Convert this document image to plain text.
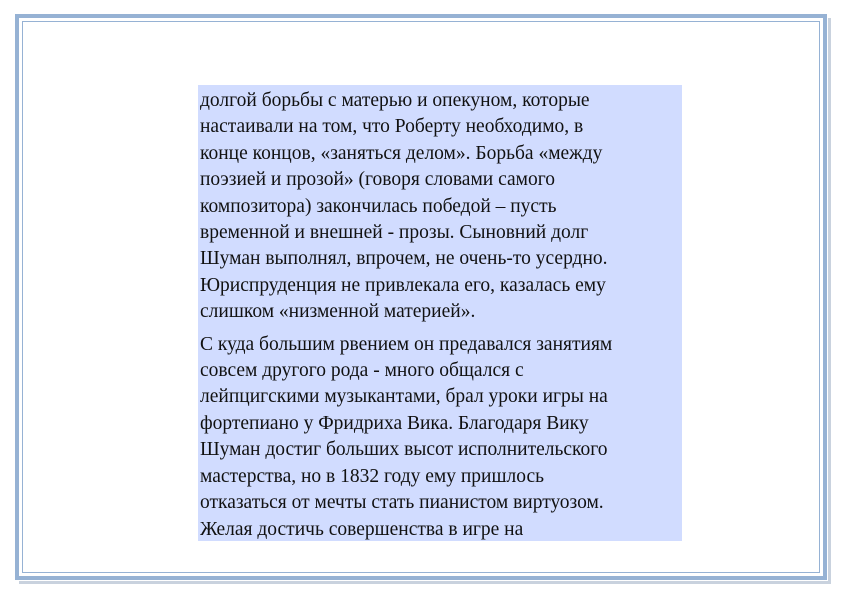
долгой борьбы с матерью и опекуном, которые
настаивали на том, что Роберту необходимо, в
конце концов, «заняться делом». Борьба «между
поэзией и прозой» (говоря словами самого
композитора) закончилась победой – пусть
временной и внешней - прозы. Сыновний долг
Шуман выполнял, впрочем, не очень-то усердно.
Юриспруденция не привлекала его, казалась ему
слишком «низменной материей».

С куда большим рвением он предавался занятиям
совсем другого рода - много общался с
лейпцигскими музыкантами, брал уроки игры на
фортепиано у Фридриха Вика. Благодаря Вику
Шуман достиг больших высот исполнительского
мастерства, но в 1832 году ему пришлось
отказаться от мечты стать пианистом виртуозом.
Желая достичь совершенства в игре на
